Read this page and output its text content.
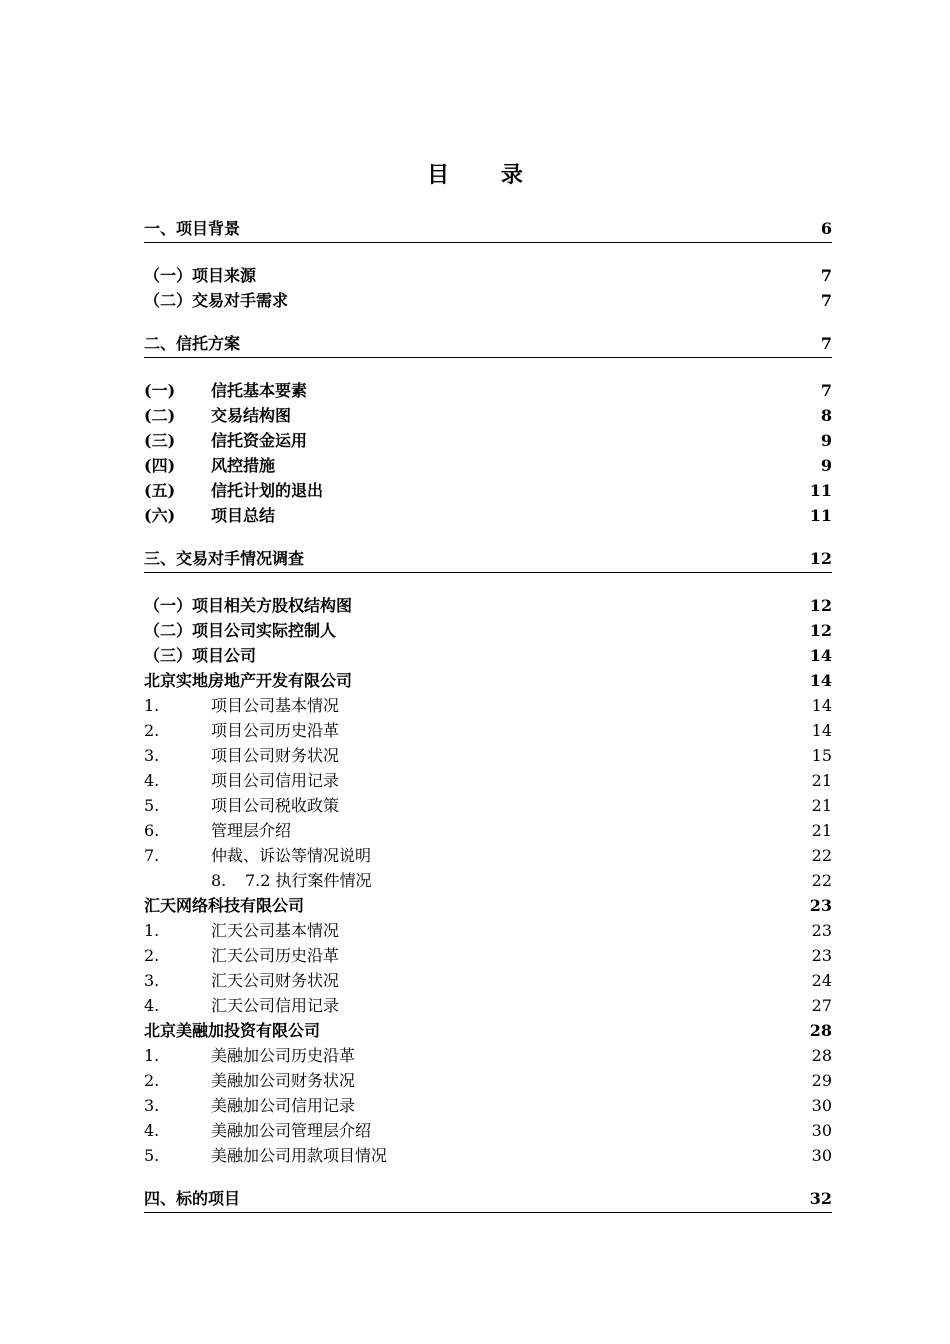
目 录
一、项目背景	6
（一）项目来源	7
（二）交易对手需求	7
二、信托方案	7
(一)	信托基本要素	7
(二)	交易结构图	8
(三)	信托资金运用	9
(四)	风控措施	9
(五)	信托计划的退出	11
(六)	项目总结	11
三、交易对手情况调查	12
（一）项目相关方股权结构图	12
（二）项目公司实际控制人	12
（三）项目公司	14
北京实地房地产开发有限公司	14
1.	项目公司基本情况	14
2.	项目公司历史沿革	14
3.	项目公司财务状况	15
4.	项目公司信用记录	21
5.	项目公司税收政策	21
6.	管理层介绍	21
7.	仲裁、诉讼等情况说明	22
8.	7.2 执行案件情况	22
汇天网络科技有限公司	23
1.	汇天公司基本情况	23
2.	汇天公司历史沿革	23
3.	汇天公司财务状况	24
4.	汇天公司信用记录	27
北京美融加投资有限公司	28
1.	美融加公司历史沿革	28
2.	美融加公司财务状况	29
3.	美融加公司信用记录	30
4.	美融加公司管理层介绍	30
5.	美融加公司用款项目情况	30
四、标的项目	32
